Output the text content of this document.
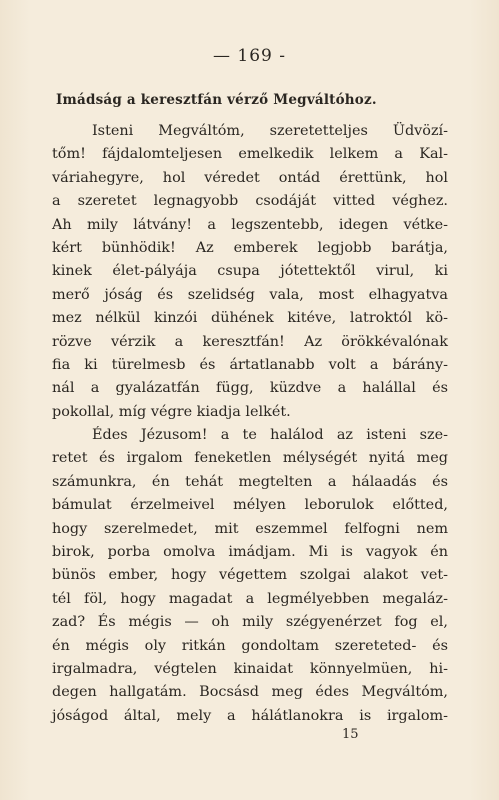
— 169 -
Imádság a keresztfán vérző Megváltóhoz.
Isteni Megváltóm, szeretetteljes Üdvözí-
tőm! fájdalomteljesen emelkedik lelkem a Kal-
váriahegyre, hol véredet ontád érettünk, hol
a szeretet legnagyobb csodáját vitted véghez.
Ah mily látvány! a legszentebb, idegen vétke-
kért bünhödik! Az emberek legjobb barátja,
kinek élet-pályája csupa jótettektől virul, ki
merő jóság és szelidség vala, most elhagyatva
mez nélkül kinzói dühének kitéve, latroktól kö-
rözve vérzik a keresztfán! Az örökkévalónak
fia ki türelmesb és ártatlanabb volt a bárány-
nál a gyalázatfán függ, küzdve a halállal és
pokollal, míg végre kiadja lelkét.
Édes Jézusom! a te halálod az isteni sze-
retet és irgalom feneketlen mélységét nyitá meg
számunkra, én tehát megtelten a hálaadás és
bámulat érzelmeivel mélyen leborulok előtted,
hogy szerelmedet, mit eszemmel felfogni nem
birok, porba omolva imádjam. Mi is vagyok én
bünös ember, hogy végettem szolgai alakot vet-
tél föl, hogy magadat a legmélyebben megaláz-
zad? És mégis — oh mily szégyenérzet fog el,
én mégis oly ritkán gondoltam szereteted- és
irgalmadra, végtelen kinaidat könnyelmüen, hi-
degen hallgatám. Bocsásd meg édes Megváltóm,
jóságod által, mely a hálátlanokra is irgalom-
15
